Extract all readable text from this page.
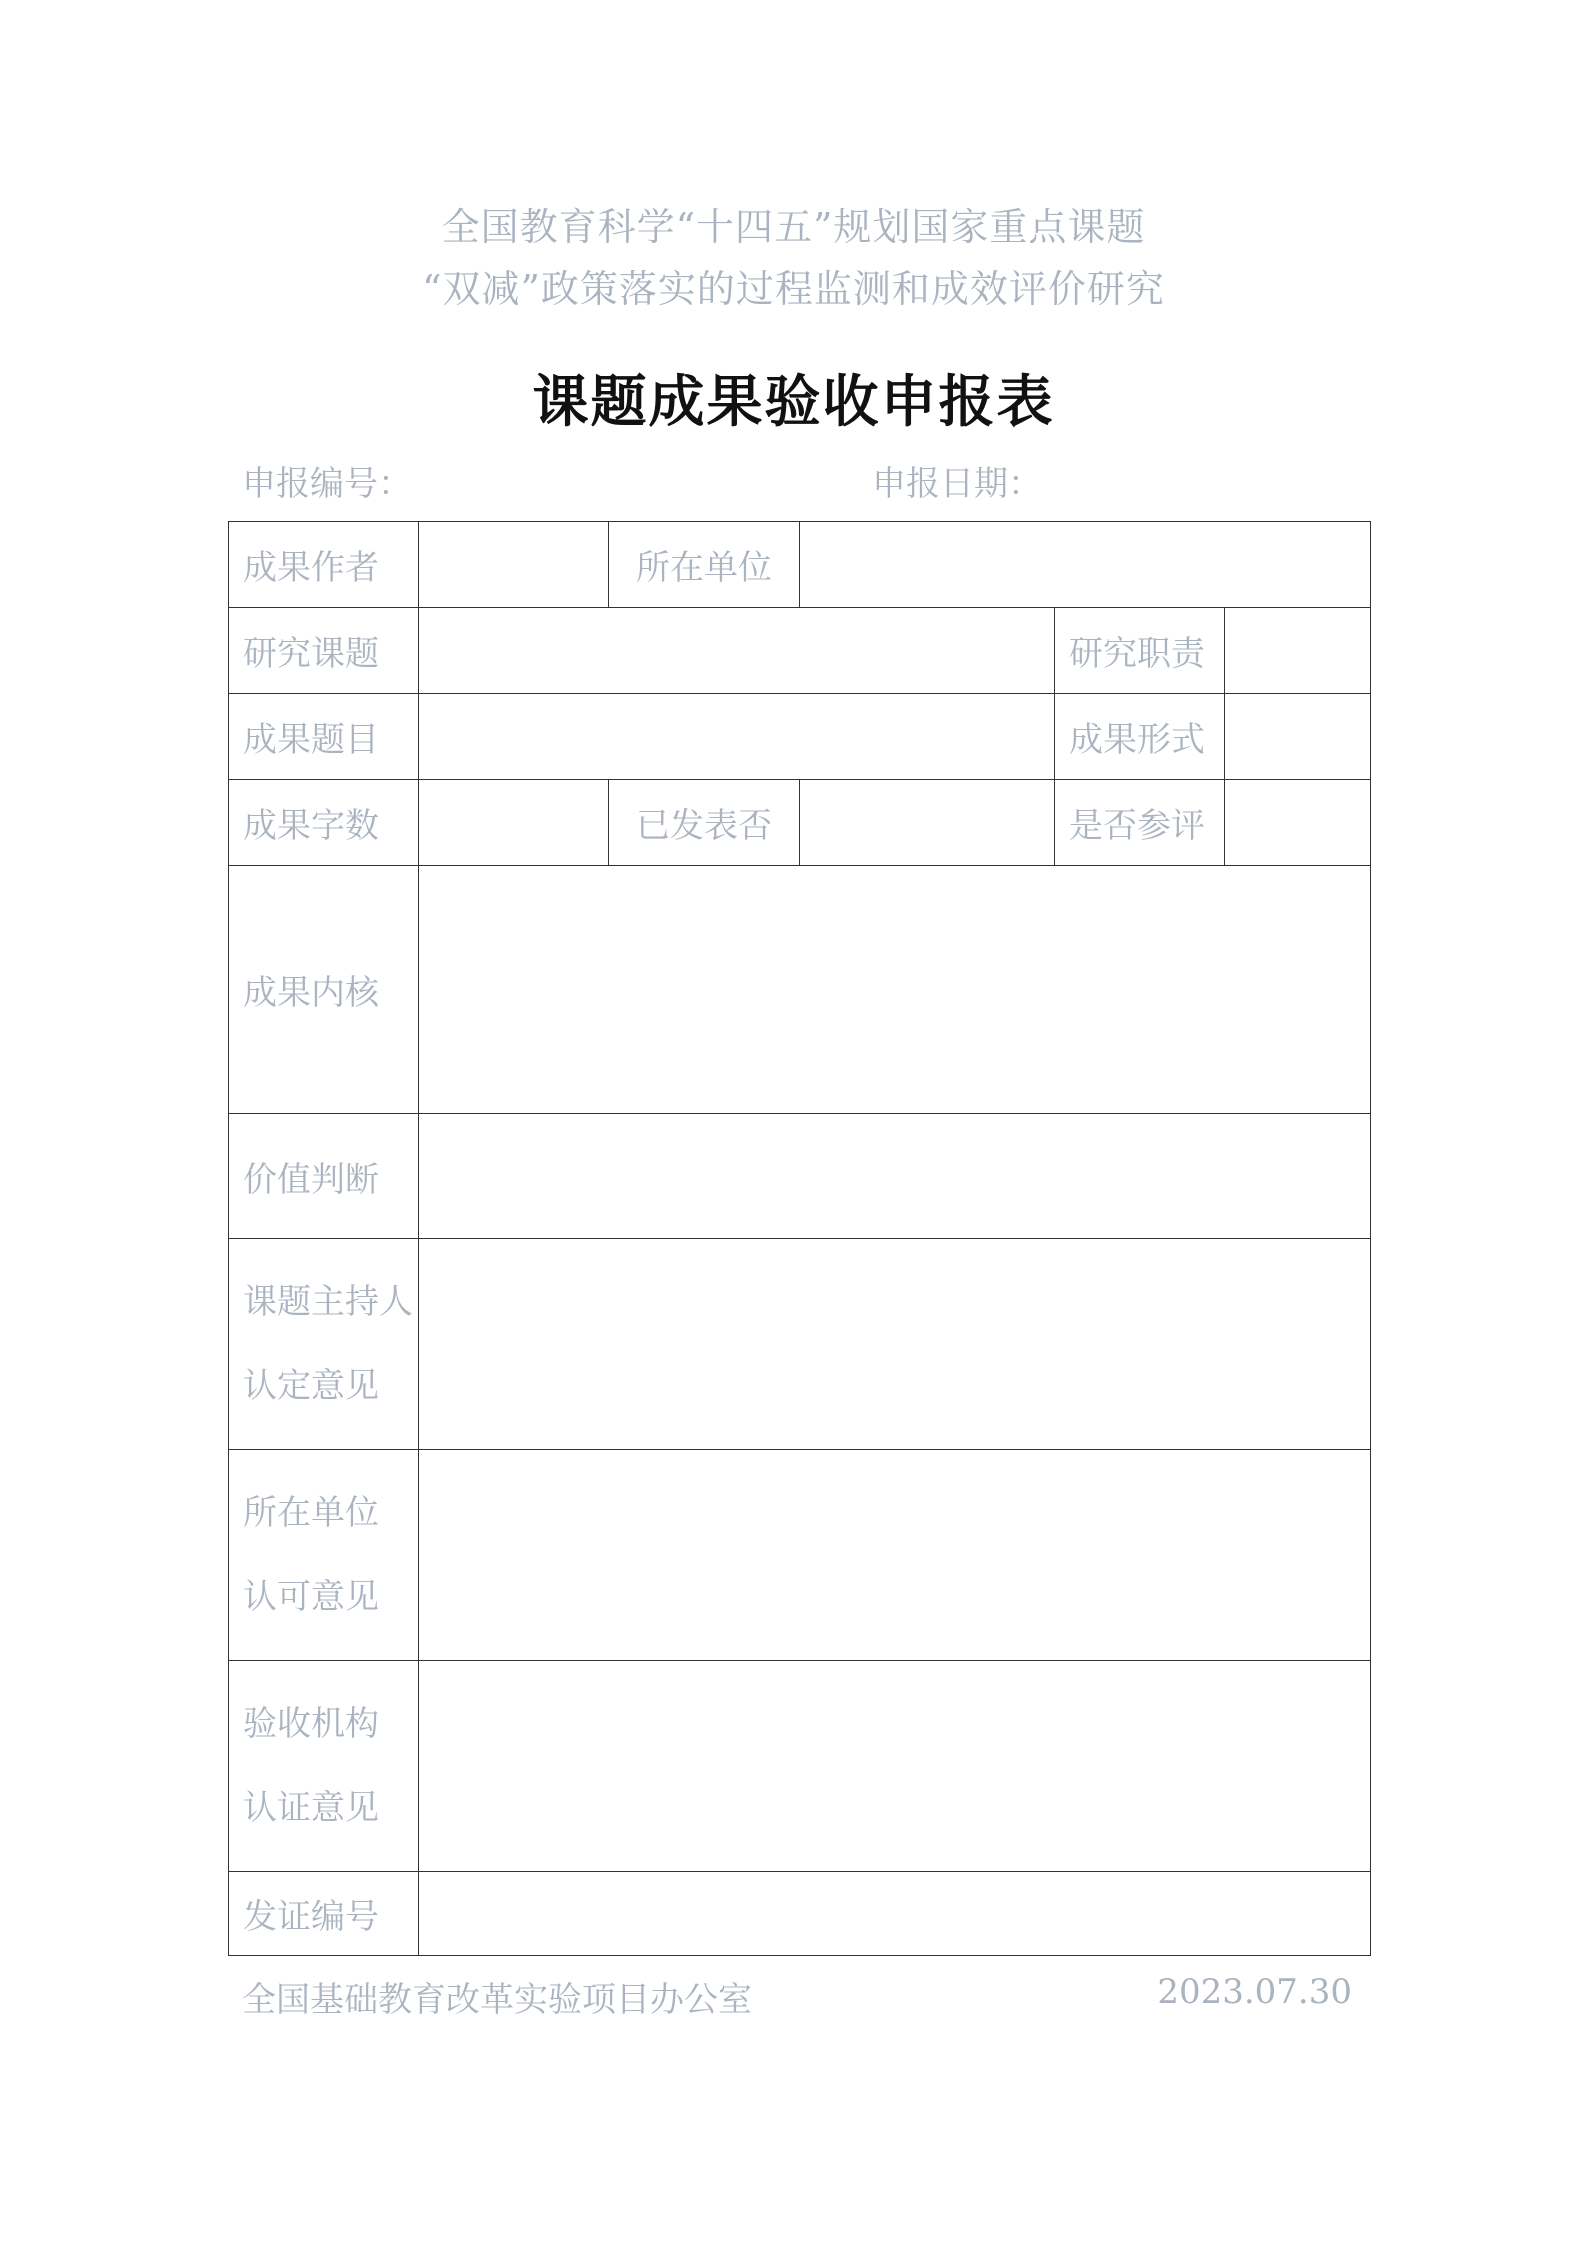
全国教育科学“十四五”规划国家重点课题
“双减”政策落实的过程监测和成效评价研究
课题成果验收申报表
申报编号：	申报日期：
成果作者		所在单位			
研究课题				研究职责	
成果题目				成果形式	
成果字数		已发表否		是否参评	
成果内核					
价值判断					

课题主持人
认定意见					

所在单位
认可意见					

验收机构
认证意见					

发证编号					
全国基础教育改革实验项目办公室	2023.07.30
